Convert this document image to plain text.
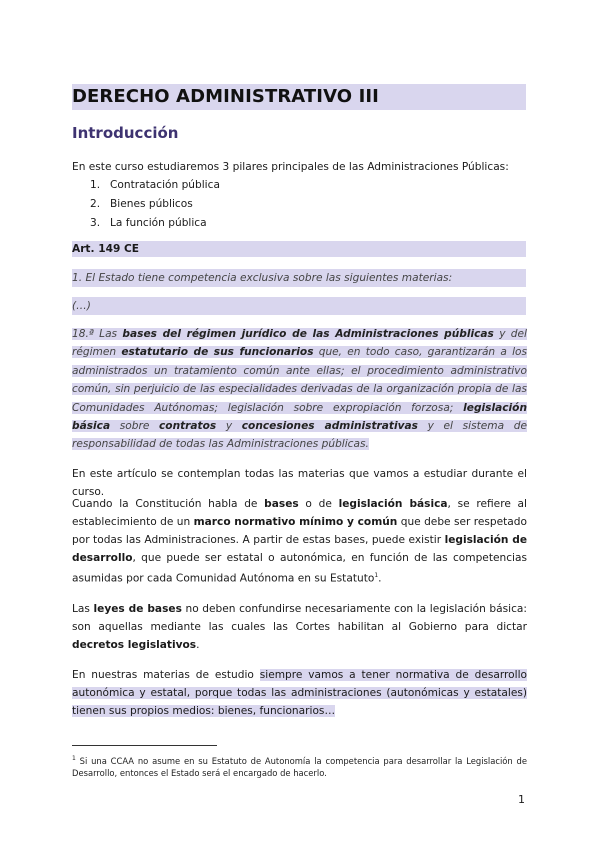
DERECHO ADMINISTRATIVO III
Introducción
En este curso estudiaremos 3 pilares principales de las Administraciones Públicas:
1. Contratación pública
2. Bienes públicos
3. La función pública
Art. 149 CE
1. El Estado tiene competencia exclusiva sobre las siguientes materias:
(…)
18.ª Las bases del régimen jurídico de las Administraciones públicas y del régimen estatutario de sus funcionarios que, en todo caso, garantizarán a los administrados un tratamiento común ante ellas; el procedimiento administrativo común, sin perjuicio de las especialidades derivadas de la organización propia de las Comunidades Autónomas; legislación sobre expropiación forzosa; legislación básica sobre contratos y concesiones administrativas y el sistema de responsabilidad de todas las Administraciones públicas.
En este artículo se contemplan todas las materias que vamos a estudiar durante el curso.
Cuando la Constitución habla de bases o de legislación básica, se refiere al establecimiento de un marco normativo mínimo y común que debe ser respetado por todas las Administraciones. A partir de estas bases, puede existir legislación de desarrollo, que puede ser estatal o autonómica, en función de las competencias asumidas por cada Comunidad Autónoma en su Estatuto$^1$.
Las leyes de bases no deben confundirse necesariamente con la legislación básica: son aquellas mediante las cuales las Cortes habilitan al Gobierno para dictar decretos legislativos.
En nuestras materias de estudio siempre vamos a tener normativa de desarrollo autonómica y estatal, porque todas las administraciones (autonómicas y estatales) tienen sus propios medios: bienes, funcionarios…
$^1$ Si una CCAA no asume en su Estatuto de Autonomía la competencia para desarrollar la Legislación de Desarrollo, entonces el Estado será el encargado de hacerlo.
1
